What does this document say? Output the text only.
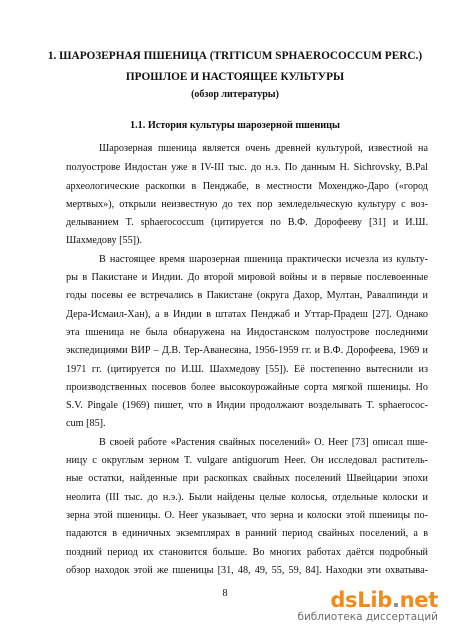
1. ШАРОЗЕРНАЯ ПШЕНИЦА (TRITICUM SPHAEROCOCCUM PERC.)
ПРОШЛОЕ И НАСТОЯЩЕЕ КУЛЬТУРЫ
(обзор литературы)
1.1. История культуры шарозерной пшеницы
Шарозерная пшеница является очень древней культурой, известной на
полуострове Индостан уже в IV-III тыс. до н.э. По данным H. Sichrovsky, B.Pal
археологические раскопки в Пенджабе, в местности Мохенджо-Даро («город
мертвых»), открыли неизвестную до тех пор земледельческую культуру с воз-
делыванием T. sphaerococcum (цитируется по В.Ф. Дорофееву [31] и И.Ш.
Шахмедову [55]).
В настоящее время шарозерная пшеница практически исчезла из культу-
ры в Пакистане и Индии. До второй мировой войны и в первые послевоенные
годы посевы ее встречались в Пакистане (округа Дахор, Мултан, Равалпинди и
Дера-Исмаил-Хан), а в Индии в штатах Пенджаб и Уттар-Прадеш [27]. Однако
эта пшеница не была обнаружена на Индостанском полуострове последними
экспедициями ВИР – Д.В. Тер-Аванесяна, 1956-1959 гг. и В.Ф. Дорофеева, 1969 и
1971 гг. (цитируется по И.Ш. Шахмедову [55]). Её постепенно вытеснили из
производственных посевов более высокоурожайные сорта мягкой пшеницы. Но
S.V. Pingale (1969) пишет, что в Индии продолжают возделывать T. sphaerococ-
cum [85].
В своей работе «Растения свайных поселений» O. Heer [73] описал пше-
ницу с округлым зерном T. vulgare antiguorum Heer. Он исследовал раститель-
ные остатки, найденные при раскопках свайных поселений Швейцарии эпохи
неолита (III тыс. до н.э.). Были найдены целые колосья, отдельные колоски и
зерна этой пшеницы. O. Heer указывает, что зерна и колоски этой пшеницы по-
падаются в единичных экземплярах в ранний период свайных поселений, а в
поздний период их становится больше. Во многих работах даётся подробный
обзор находок этой же пшеницы [31, 48, 49, 55, 59, 84]. Находки эти охватыва-
8	dsLib.net
библиотека диссертаций
